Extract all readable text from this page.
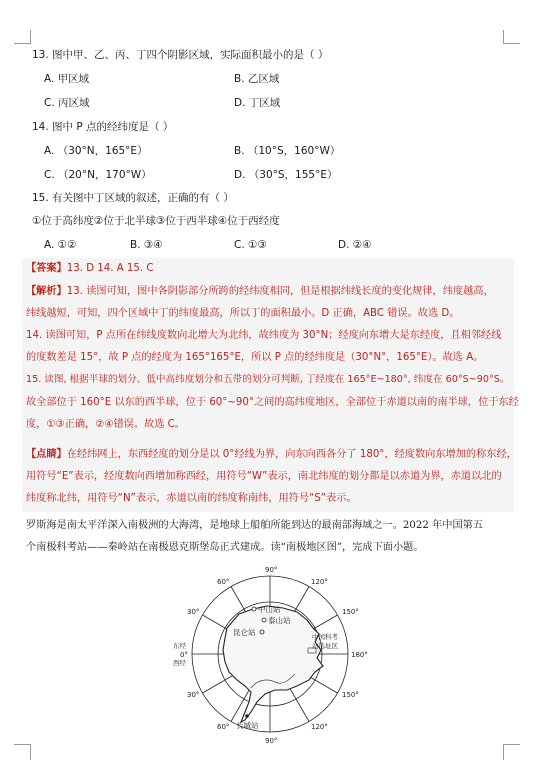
13. 图中甲、乙、丙、丁四个阴影区域，实际面积最小的是（ ）
A. 甲区域	B. 乙区域
C. 丙区域	D. 丁区域
14. 图中 P 点的经纬度是（ ）
A. （30°N，165°E）	B. （10°S，160°W）
C. （20°N，170°W）	D. （30°S，155°E）
15. 有关图中丁区域的叙述，正确的有（ ）
①位于高纬度②位于北半球③位于西半球④位于西经度
A. ①②	B. ③④	C. ①③	D. ②④
【答案】13. D 14. A 15. C
【解析】13. 读图可知，图中各阴影部分所跨的经纬度相同，但是根据纬线长度的变化规律，纬度越高，
纬线越短，可知，四个区域中丁的纬度最高，所以丁的面积最小。D 正确，ABC 错误。故选 D。
14. 读图可知，P 点所在纬线度数向北增大为北纬，故纬度为 30°N；经度向东增大是东经度，且相邻经线
的度数差是 15°，故 P 点的经度为 165°165°E，所以 P 点的经纬度是（30°N°，165°E）。故选 A。
15. 读图, 根据半球的划分、低中高纬度划分和五带的划分可判断, 丁经度在 165°E~180°, 纬度在 60°S~90°S。
故全部位于 160°E 以东的西半球，位于 60°~90°之间的高纬度地区，全部位于赤道以南的南半球，位于东经
度，①③正确，②④错误。故选 C。
【点睛】在经纬网上，东西经度的划分是以 0°经线为界，向东向西各分了 180°，经度数向东增加的称东经，
用符号“E”表示，经度数向西增加称西经，用符号“W”表示，南北纬度的划分都是以赤道为界，赤道以北的
纬度称北纬，用符号“N”表示，赤道以南的纬度称南纬，用符号“S”表示。
罗斯海是南太平洋深入南极洲的大海湾，是地球上船舶所能到达的最南部海域之一。2022 年中国第五
个南极科考站——秦岭站在南极恩克斯堡岛正式建成。读“南极地区图”，完成下面小题。
90°
120°
150°
180°
150°
120°
90°
60°
30°
0°
30°
60°
东经
西经
中山站
泰山站
昆仑站	中国科考
站选址区
长城站
